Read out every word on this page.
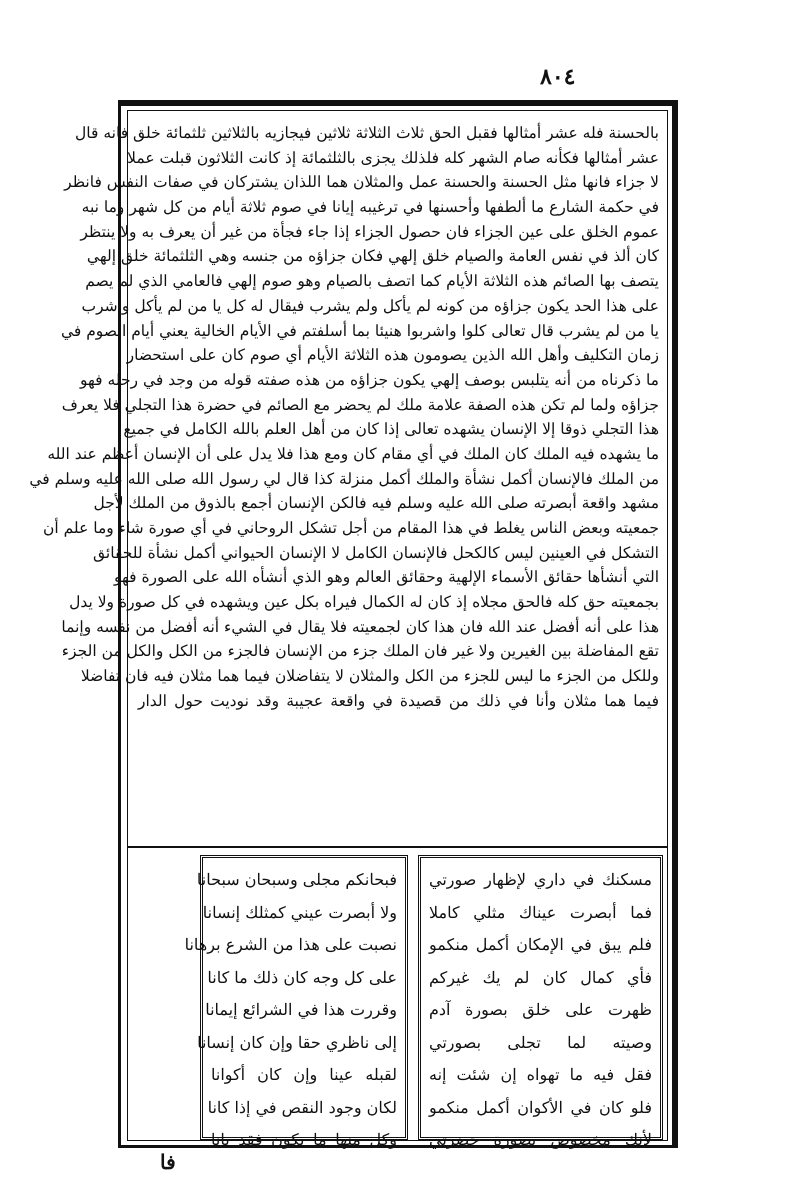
٨٠٤
بالحسنة فله عشر أمثالها فقبل الحق ثلاث الثلاثة ثلاثين فيجازيه بالثلاثين ثلثمائة خلق فانه قال
عشر أمثالها فكأنه صام الشهر كله فلذلك يجزى بالثلثمائة إذ كانت الثلاثون قبلت عملا
لا جزاء فانها مثل الحسنة والحسنة عمل والمثلان هما اللذان يشتركان في صفات النفس فانظر
في حكمة الشارع ما ألطفها وأحسنها في ترغيبه إيانا في صوم ثلاثة أيام من كل شهر وما نبه
عموم الخلق على عين الجزاء فان حصول الجزاء إذا جاء فجأة من غير أن يعرف به ولا ينتظر
كان ألذ في نفس العامة والصيام خلق إلهي فكان جزاؤه من جنسه وهي الثلثمائة خلق إلهي
يتصف بها الصائم هذه الثلاثة الأيام كما اتصف بالصيام وهو صوم إلهي فالعامي الذي لم يصم
على هذا الحد يكون جزاؤه من كونه لم يأكل ولم يشرب فيقال له كل يا من لم يأكل واشرب
يا من لم يشرب قال تعالى كلوا واشربوا هنيئا بما أسلفتم في الأيام الخالية يعني أيام الصوم في
زمان التكليف وأهل الله الذين يصومون هذه الثلاثة الأيام أي صوم كان على استحضار
ما ذكرناه من أنه يتلبس بوصف إلهي يكون جزاؤه من هذه صفته قوله من وجد في رحله فهو
جزاؤه ولما لم تكن هذه الصفة علامة ملك لم يحضر مع الصائم في حضرة هذا التجلي فلا يعرف
هذا التجلي ذوقا إلا الإنسان يشهده تعالى إذا كان من أهل العلم بالله الكامل في جميع
ما يشهده فيه الملك كان الملك في أي مقام كان ومع هذا فلا يدل على أن الإنسان أعظم عند الله
من الملك فالإنسان أكمل نشأة والملك أكمل منزلة كذا قال لي رسول الله صلى الله عليه وسلم في
مشهد واقعة أبصرته صلى الله عليه وسلم فيه فالكن الإنسان أجمع بالذوق من الملك لأجل
جمعيته وبعض الناس يغلط في هذا المقام من أجل تشكل الروحاني في أي صورة شاء وما علم أن
التشكل في العينين ليس كالكحل فالإنسان الكامل لا الإنسان الحيواني أكمل نشأة للحقائق
التي أنشأها حقائق الأسماء الإلهية وحقائق العالم وهو الذي أنشأه الله على الصورة فهو
بجمعيته حق كله فالحق مجلاه إذ كان له الكمال فيراه بكل عين ويشهده في كل صورة ولا يدل
هذا على أنه أفضل عند الله فان هذا كان لجمعيته فلا يقال في الشيء أنه أفضل من نفسه وإنما
تقع المفاضلة بين الغيرين ولا غير فان الملك جزء من الإنسان فالجزء من الكل والكل من الجزء
وللكل من الجزء ما ليس للجزء من الكل والمثلان لا يتفاضلان فيما هما مثلان فيه فان تفاضلا
فيما هما مثلان وأنا في ذلك من قصيدة في واقعة عجيبة وقد نوديت حول الدار
مسكنك في داري لإظهار صورتي
فما أبصرت عيناك مثلي كاملا
فلم يبق في الإمكان أكمل منكمو
فأي كمال كان لم يك غيركم
ظهرت على خلق بصورة آدم
وصيته لما تجلى بصورتي
فقل فيه ما تهواه إن شئت إنه
فلو كان في الأكوان أكمل منكمو
لأنك مخصوص بصورة حضرتي
فبحانكم مجلى وسبحان سبحانا
ولا أبصرت عيني كمثلك إنسانا
نصبت على هذا من الشرع برهانا
على كل وجه كان ذلك ما كانا
وقررت هذا في الشرائع إيمانا
إلى ناظري حقا وإن كان إنسانا
لقبله عينا وإن كان أكوانا
لكان وجود النقص في إذا كانا
وكل منها ما يكون فقد بانا
فا
